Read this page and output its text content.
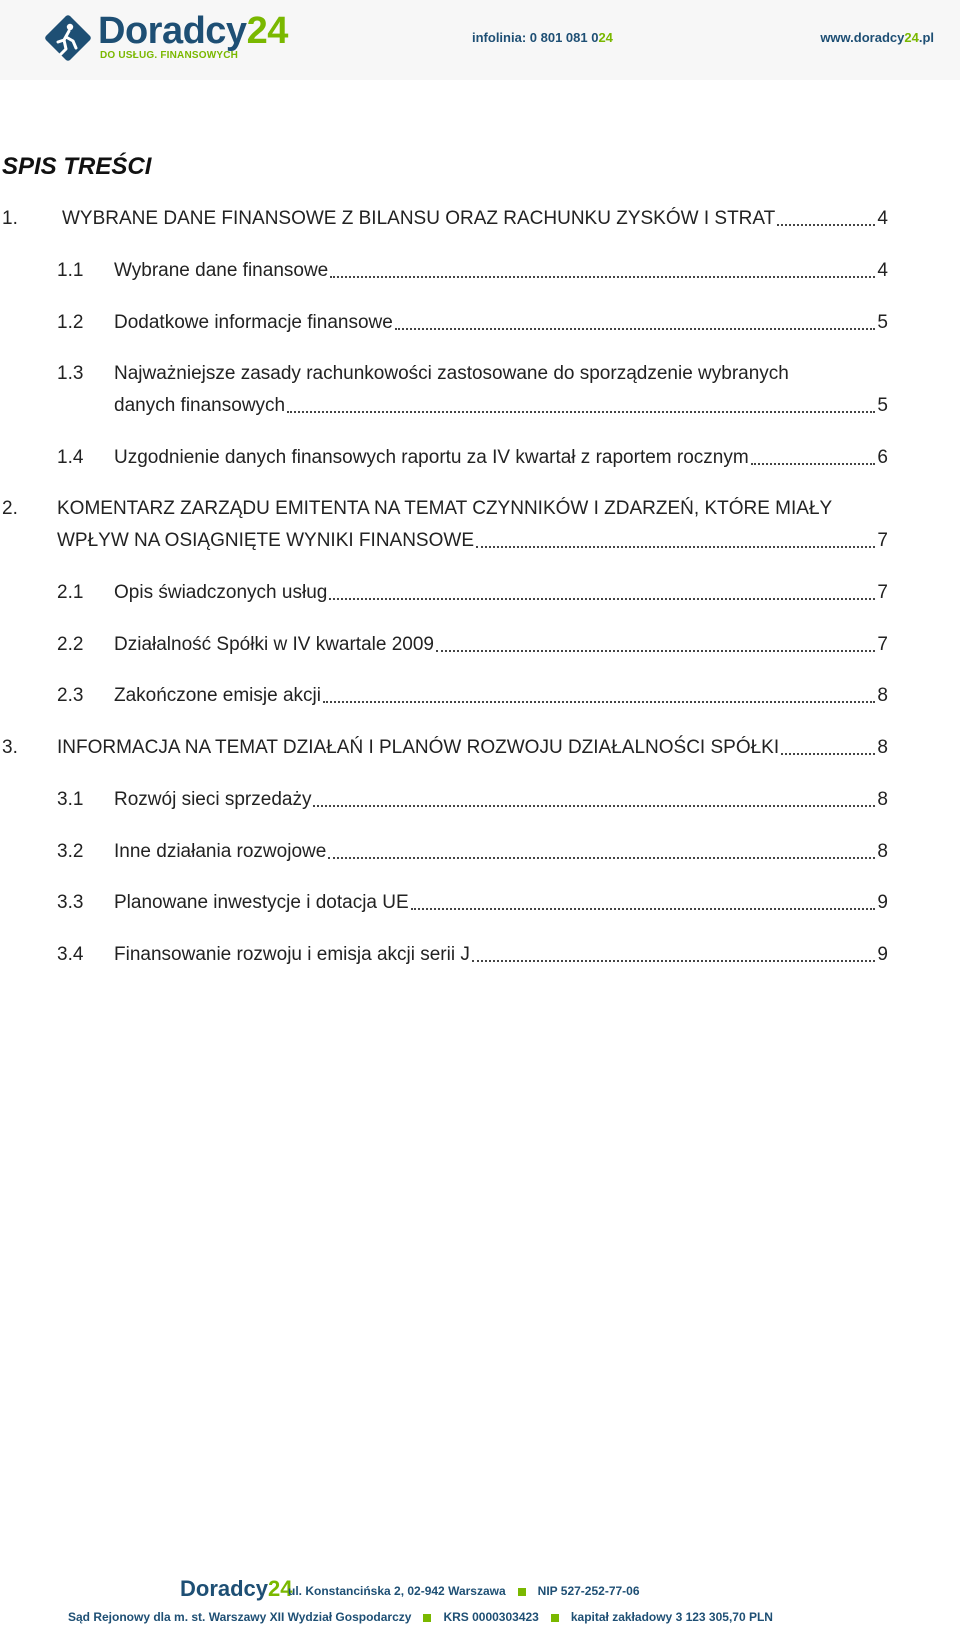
Doradcy24
DO USŁUG. FINANSOWYCH
infolinia: 0 801 081 024	www.doradcy24.pl
SPIS TREŚCI
1.	WYBRANE DANE FINANSOWE Z BILANSU ORAZ RACHUNKU ZYSKÓW I STRAT	4
1.1	Wybrane dane finansowe	4
1.2	Dodatkowe informacje finansowe	5
1.3 Najważniejsze zasady rachunkowości zastosowane do sporządzenie wybranych
danych finansowych	5
1.4	Uzgodnienie danych finansowych raportu za IV kwartał z raportem rocznym	6
2. KOMENTARZ ZARZĄDU EMITENTA NA TEMAT CZYNNIKÓW I ZDARZEŃ, KTÓRE MIAŁY
WPŁYW NA OSIĄGNIĘTE WYNIKI FINANSOWE	7
2.1	Opis świadczonych usług	7
2.2	Działalność Spółki w IV kwartale 2009	7
2.3	Zakończone emisje akcji	8
3.	INFORMACJA NA TEMAT DZIAŁAŃ I PLANÓW ROZWOJU DZIAŁALNOŚCI SPÓŁKI	8
3.1	Rozwój sieci sprzedaży	8
3.2	Inne działania rozwojowe	8
3.3	Planowane inwestycje i dotacja UE	9
3.4	Finansowanie rozwoju i emisja akcji serii J	9
Doradcy24
ul. Konstancińska 2, 02-942 Warszawa	NIP 527-252-77-06
Sąd Rejonowy dla m. st. Warszawy XII Wydział Gospodarczy	KRS 0000303423	kapitał zakładowy 3 123 305,70 PLN
